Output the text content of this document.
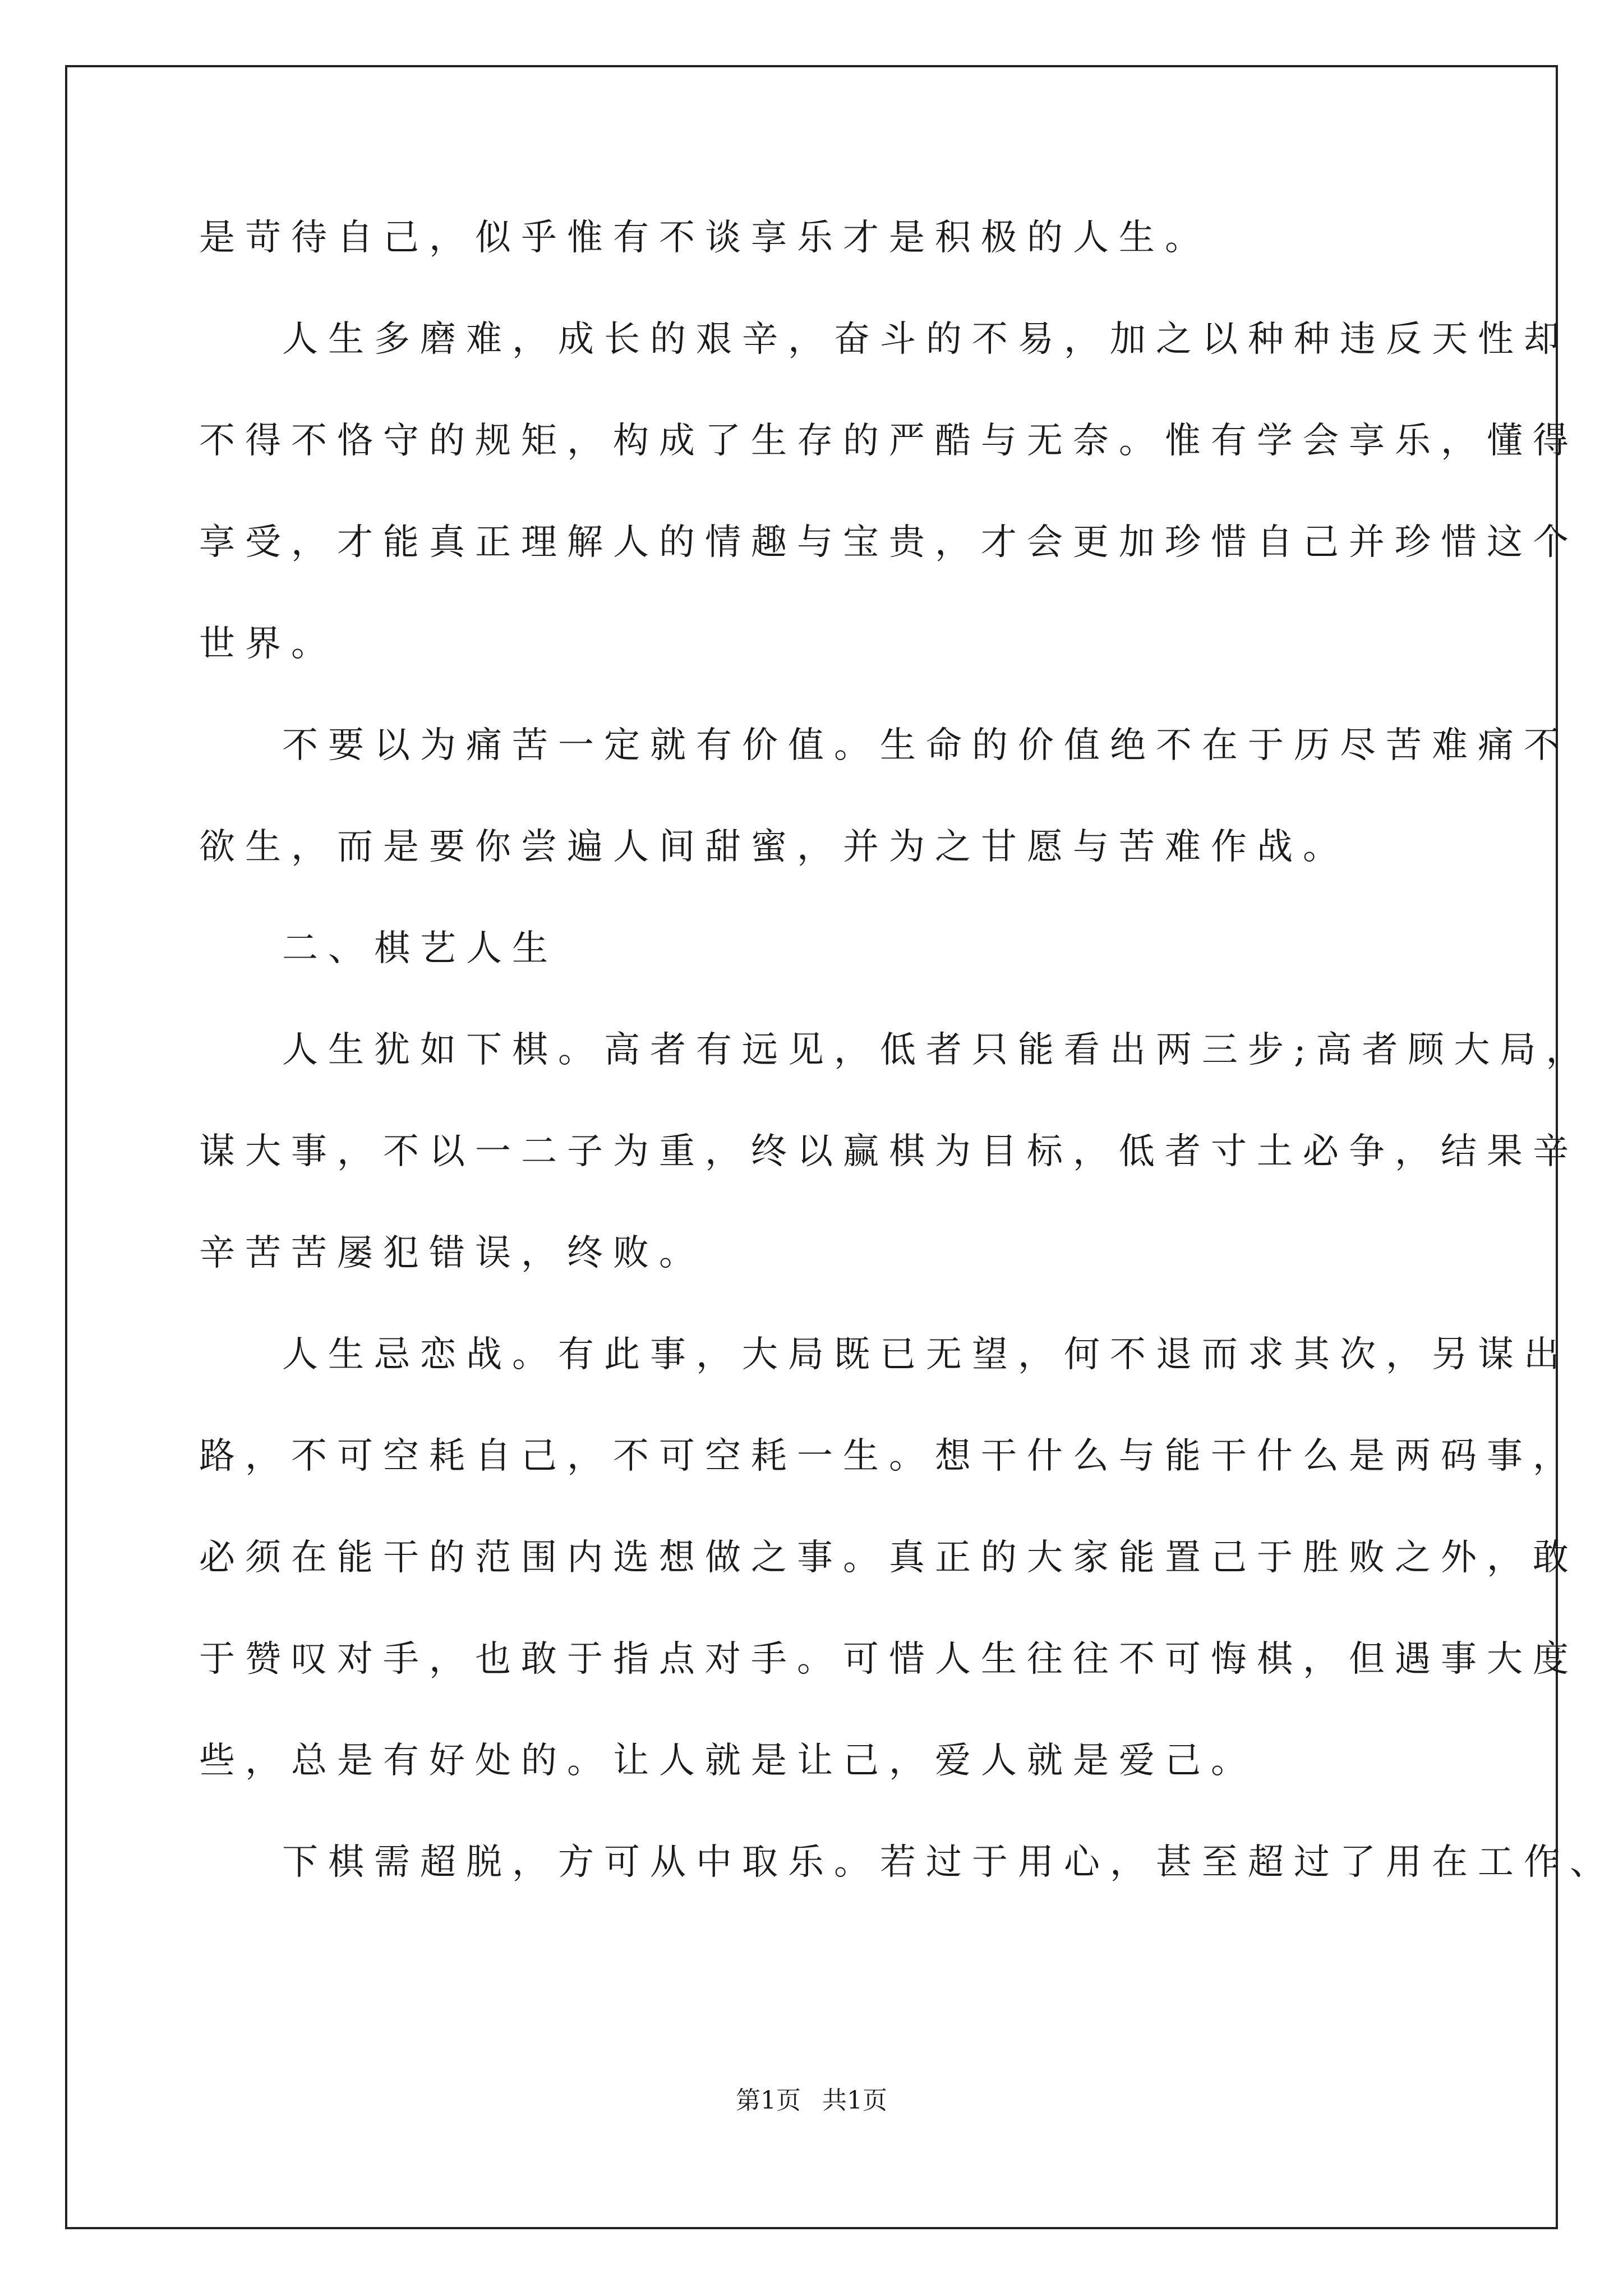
是苛待自己，似乎惟有不谈享乐才是积极的人生。
人生多磨难，成长的艰辛，奋斗的不易，加之以种种违反天性却
不得不恪守的规矩，构成了生存的严酷与无奈。惟有学会享乐，懂得
享受，才能真正理解人的情趣与宝贵，才会更加珍惜自己并珍惜这个
世界。
不要以为痛苦一定就有价值。生命的价值绝不在于历尽苦难痛不
欲生，而是要你尝遍人间甜蜜，并为之甘愿与苦难作战。
二、棋艺人生
人生犹如下棋。高者有远见，低者只能看出两三步;高者顾大局，
谋大事，不以一二子为重，终以赢棋为目标，低者寸土必争，结果辛
辛苦苦屡犯错误，终败。
人生忌恋战。有此事，大局既已无望，何不退而求其次，另谋出
路，不可空耗自己，不可空耗一生。想干什么与能干什么是两码事，
必须在能干的范围内选想做之事。真正的大家能置己于胜败之外，敢
于赞叹对手，也敢于指点对手。可惜人生往往不可悔棋，但遇事大度
些，总是有好处的。让人就是让己，爱人就是爱己。
下棋需超脱，方可从中取乐。若过于用心，甚至超过了用在工作、
第1页 共1页
